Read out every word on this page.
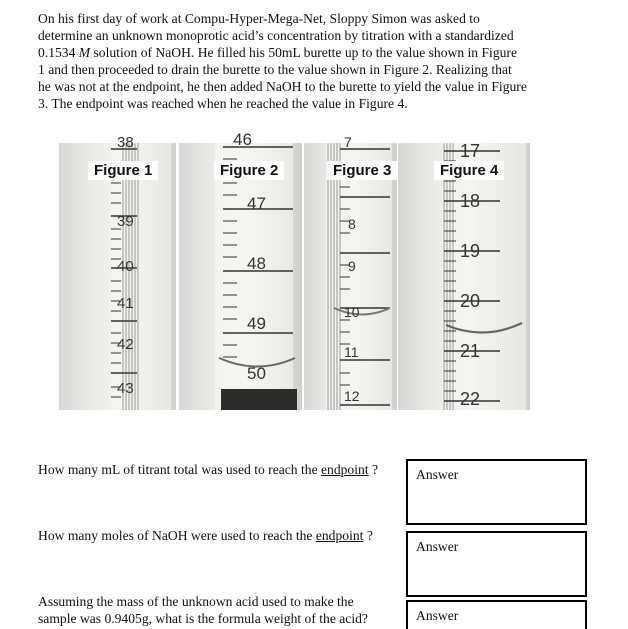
On his first day of work at Compu-Hyper-Mega-Net, Sloppy Simon was asked to
determine an unknown monoprotic acid’s concentration by titration with a standardized
0.1534 M solution of NaOH. He filled his 50mL burette up to the value shown in Figure
1 and then proceeded to drain the burette to the value shown in Figure 2. Realizing that
he was not at the endpoint, he then added NaOH to the burette to yield the value in Figure
3. The endpoint was reached when he reached the value in Figure 4.
38
39
40
41
42
43
Figure 1
46
47
48
49
50
Figure 2
7
8
9
10
11
12
Figure 3
17
18
19
20
21
22
Figure 4
How many mL of titrant total was used to reach the endpoint ?	Answer
How many moles of NaOH were used to reach the endpoint ?
Answer
Assuming the mass of the unknown acid used to make the
sample was 0.9405g, what is the formula weight of the acid?	Answer
